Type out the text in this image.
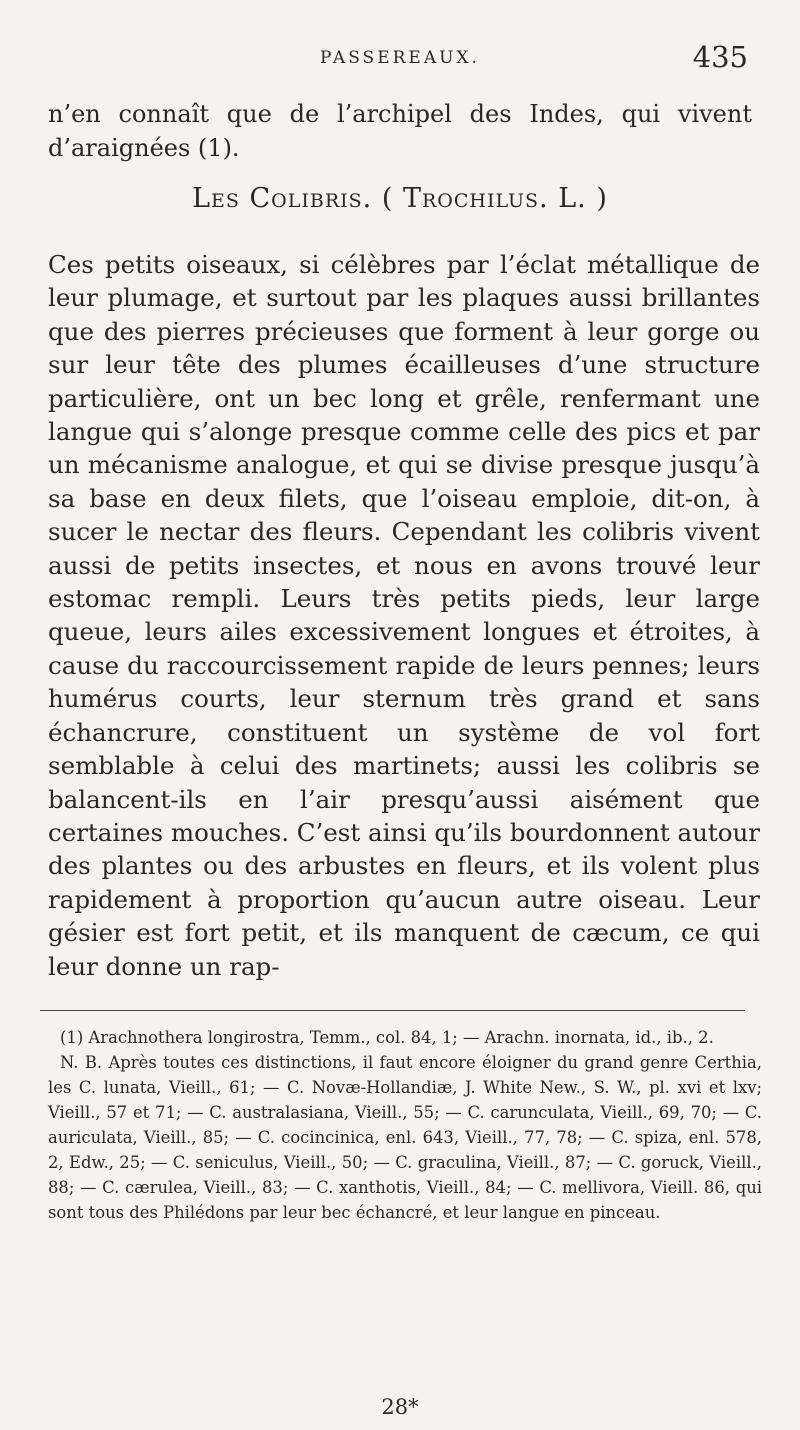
PASSEREAUX.	435

n’en connaît que de l’archipel des Indes, qui vivent d’araignées (1).

Les Colibris. ( Trochilus. L. )

Ces petits oiseaux, si célèbres par l’éclat métallique de leur plumage, et surtout par les plaques aussi brillantes que des pierres précieuses que forment à leur gorge ou sur leur tête des plumes écailleuses d’une structure particulière, ont un bec long et grêle, renfermant une langue qui s’alonge presque comme celle des pics et par un mécanisme analogue, et qui se divise presque jusqu’à sa base en deux filets, que l’oiseau emploie, dit-on, à sucer le nectar des fleurs. Cependant les colibris vivent aussi de petits insectes, et nous en avons trouvé leur estomac rempli. Leurs très petits pieds, leur large queue, leurs ailes excessivement longues et étroites, à cause du raccourcissement rapide de leurs pennes; leurs humérus courts, leur sternum très grand et sans échancrure, constituent un système de vol fort semblable à celui des martinets; aussi les colibris se balancent-ils en l’air presqu’aussi aisément que certaines mouches. C’est ainsi qu’ils bourdonnent autour des plantes ou des arbustes en fleurs, et ils volent plus rapidement à proportion qu’aucun autre oiseau. Leur gésier est fort petit, et ils manquent de cæcum, ce qui leur donne un rap-

(1) Arachnothera longirostra, Temm., col. 84, 1; — Arachn. inornata, id., ib., 2.

N. B. Après toutes ces distinctions, il faut encore éloigner du grand genre Certhia, les C. lunata, Vieill., 61; — C. Novæ-Hollandiæ, J. White New., S. W., pl. xvi et lxv; Vieill., 57 et 71; — C. australasiana, Vieill., 55; — C. carunculata, Vieill., 69, 70; — C. auriculata, Vieill., 85; — C. cocincinica, enl. 643, Vieill., 77, 78; — C. spiza, enl. 578, 2, Edw., 25; — C. seniculus, Vieill., 50; — C. graculina, Vieill., 87; — C. goruck, Vieill., 88; — C. cærulea, Vieill., 83; — C. xanthotis, Vieill., 84; — C. mellivora, Vieill. 86, qui sont tous des Philédons par leur bec échancré, et leur langue en pinceau.

28*
